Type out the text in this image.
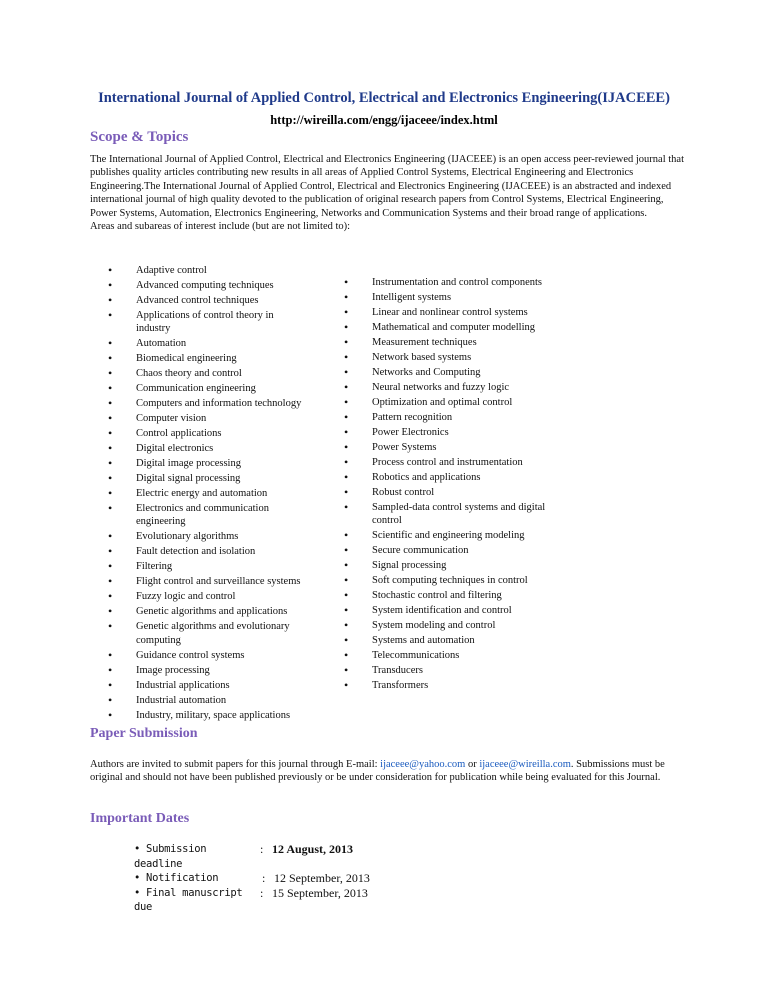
International Journal of Applied Control, Electrical and Electronics Engineering(IJACEEE)
http://wireilla.com/engg/ijaceee/index.html
Scope & Topics

The International Journal of Applied Control, Electrical and Electronics Engineering (IJACEEE) is an open access peer-reviewed journal that publishes quality articles contributing new results in all areas of Applied Control Systems, Electrical Engineering and Electronics Engineering.The International Journal of Applied Control, Electrical and Electronics Engineering (IJACEEE) is an abstracted and indexed international journal of high quality devoted to the publication of original research papers from Control Systems, Electrical Engineering, Power Systems, Automation, Electronics Engineering, Networks and Communication Systems and their broad range of applications.

Areas and subareas of interest include (but are not limited to):

• Adaptive control
• Advanced computing techniques
• Advanced control techniques
• Applications of control theory in industry
• Automation
• Biomedical engineering
• Chaos theory and control
• Communication engineering
• Computers and information technology
• Computer vision
• Control applications
• Digital electronics
• Digital image processing
• Digital signal processing
• Electric energy and automation
• Electronics and communication engineering
• Evolutionary algorithms
• Fault detection and isolation
• Filtering
• Flight control and surveillance systems
• Fuzzy logic and control
• Genetic algorithms and applications
• Genetic algorithms and evolutionary computing
• Guidance control systems
• Image processing
• Industrial applications
• Industrial automation
• Industry, military, space applications
• Instrumentation and control components
• Intelligent systems
• Linear and nonlinear control systems
• Mathematical and computer modelling
• Measurement techniques
• Network based systems
• Networks and Computing
• Neural networks and fuzzy logic
• Optimization and optimal control
• Pattern recognition
• Power Electronics
• Power Systems
• Process control and instrumentation
• Robotics and applications
• Robust control
• Sampled-data control systems and digital control
• Scientific and engineering modeling
• Secure communication
• Signal processing
• Soft computing techniques in control
• Stochastic control and filtering
• System identification and control
• System modeling and control
• Systems and automation
• Telecommunications
• Transducers
• Transformers
Paper Submission
Authors are invited to submit papers for this journal through E-mail: ijaceee@yahoo.com or ijaceee@wireilla.com. Submissions must be original and should not have been published previously or be under consideration for publication while being evaluated for this Journal.
Important Dates
• Submission deadline
: 12 August, 2013
• Notification	: 12 September, 2013
• Final manuscript due
: 15 September, 2013
